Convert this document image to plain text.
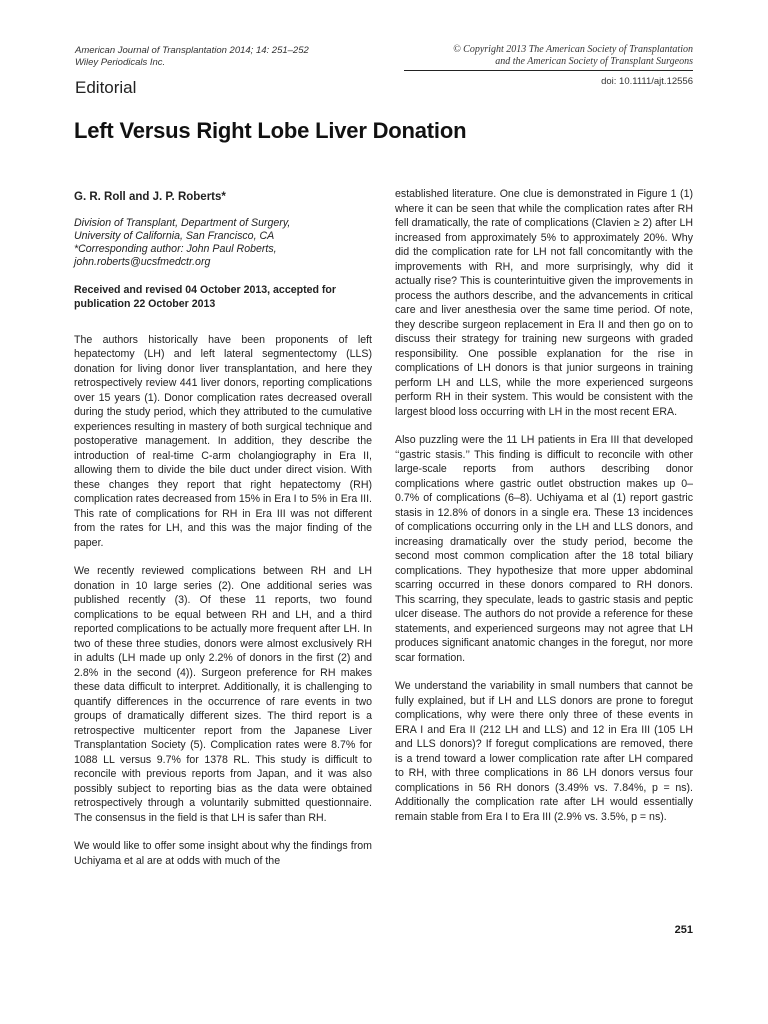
American Journal of Transplantation 2014; 14: 251–252
Wiley Periodicals Inc.
© Copyright 2013 The American Society of Transplantation
and the American Society of Transplant Surgeons
doi: 10.1111/ajt.12556
Editorial
Left Versus Right Lobe Liver Donation
G. R. Roll and J. P. Roberts*
Division of Transplant, Department of Surgery,
University of California, San Francisco, CA
*Corresponding author: John Paul Roberts,
john.roberts@ucsfmedctr.org
Received and revised 04 October 2013, accepted for publication 22 October 2013

The authors historically have been proponents of left hepatectomy (LH) and left lateral segmentectomy (LLS) donation for living donor liver transplantation, and here they retrospectively review 441 liver donors, reporting complications over 15 years (1). Donor complication rates decreased overall during the study period, which they attributed to the cumulative experiences resulting in mastery of both surgical technique and postoperative management. In addition, they describe the introduction of real-time C-arm cholangiography in Era II, allowing them to divide the bile duct under direct vision. With these changes they report that right hepatectomy (RH) complication rates decreased from 15% in Era I to 5% in Era III. This rate of complications for RH in Era III was not different from the rates for LH, and this was the major finding of the paper.

We recently reviewed complications between RH and LH donation in 10 large series (2). One additional series was published recently (3). Of these 11 reports, two found complications to be equal between RH and LH, and a third reported complications to be actually more frequent after LH. In two of these three studies, donors were almost exclusively RH in adults (LH made up only 2.2% of donors in the first (2) and 2.8% in the second (4)). Surgeon preference for RH makes these data difficult to interpret. Additionally, it is challenging to quantify differences in the occurrence of rare events in two groups of dramatically different sizes. The third report is a retrospective multicenter report from the Japanese Liver Transplantation Society (5). Complication rates were 8.7% for 1088 LL versus 9.7% for 1378 RL. This study is difficult to reconcile with previous reports from Japan, and it was also possibly subject to reporting bias as the data were obtained retrospectively through a voluntarily submitted questionnaire. The consensus in the field is that LH is safer than RH.

We would like to offer some insight about why the findings from Uchiyama et al are at odds with much of the

established literature. One clue is demonstrated in Figure 1 (1) where it can be seen that while the complication rates after RH fell dramatically, the rate of complications (Clavien ≥ 2) after LH increased from approximately 5% to approximately 20%. Why did the complication rate for LH not fall concomitantly with the improvements with RH, and more surprisingly, why did it actually rise? This is counterintuitive given the improvements in process the authors describe, and the advancements in critical care and liver anesthesia over the same time period. Of note, they describe surgeon replacement in Era II and then go on to discuss their strategy for training new surgeons with graded responsibility. One possible explanation for the rise in complications of LH donors is that junior surgeons in training perform LH and LLS, while the more experienced surgeons perform RH in their system. This would be consistent with the largest blood loss occurring with LH in the most recent ERA.

Also puzzling were the 11 LH patients in Era III that developed ‘‘gastric stasis.’’ This finding is difficult to reconcile with other large-scale reports from authors describing donor complications where gastric outlet obstruction makes up 0–0.7% of complications (6–8). Uchiyama et al (1) report gastric stasis in 12.8% of donors in a single era. These 13 incidences of complications occurring only in the LH and LLS donors, and increasing dramatically over the study period, become the second most common complication after the 18 total biliary complications. They hypothesize that more upper abdominal scarring occurred in these donors compared to RH donors. This scarring, they speculate, leads to gastric stasis and peptic ulcer disease. The authors do not provide a reference for these statements, and experienced surgeons may not agree that LH produces significant anatomic changes in the foregut, nor more scar formation.

We understand the variability in small numbers that cannot be fully explained, but if LH and LLS donors are prone to foregut complications, why were there only three of these events in ERA I and Era II (212 LH and LLS) and 12 in Era III (105 LH and LLS donors)? If foregut complications are removed, there is a trend toward a lower complication rate after LH compared to RH, with three complications in 86 LH donors versus four complications in 56 RH donors (3.49% vs. 7.84%, p = ns). Additionally the complication rate after LH would essentially remain stable from Era I to Era III (2.9% vs. 3.5%, p = ns).

251
